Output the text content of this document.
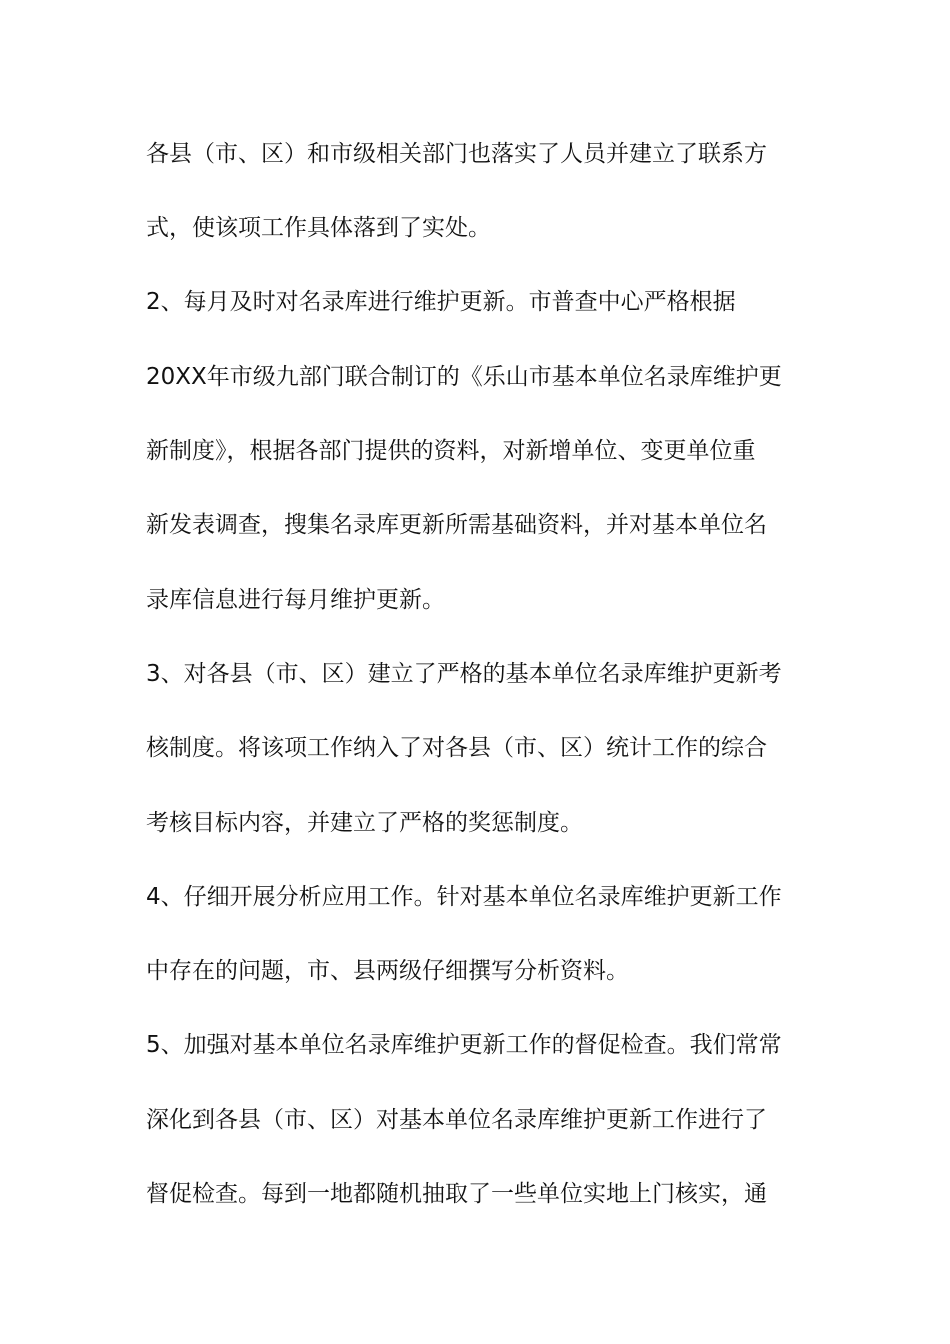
各县（市、区）和市级相关部门也落实了人员并建立了联系方
式，使该项工作具体落到了实处。
2、每月及时对名录库进行维护更新。市普查中心严格根据
20XX年市级九部门联合制订的《乐山市基本单位名录库维护更
新制度》，根据各部门提供的资料，对新增单位、变更单位重
新发表调查，搜集名录库更新所需基础资料，并对基本单位名
录库信息进行每月维护更新。
3、对各县（市、区）建立了严格的基本单位名录库维护更新考
核制度。将该项工作纳入了对各县（市、区）统计工作的综合
考核目标内容，并建立了严格的奖惩制度。
4、仔细开展分析应用工作。针对基本单位名录库维护更新工作
中存在的问题，市、县两级仔细撰写分析资料。
5、加强对基本单位名录库维护更新工作的督促检查。我们常常
深化到各县（市、区）对基本单位名录库维护更新工作进行了
督促检查。每到一地都随机抽取了一些单位实地上门核实，通
